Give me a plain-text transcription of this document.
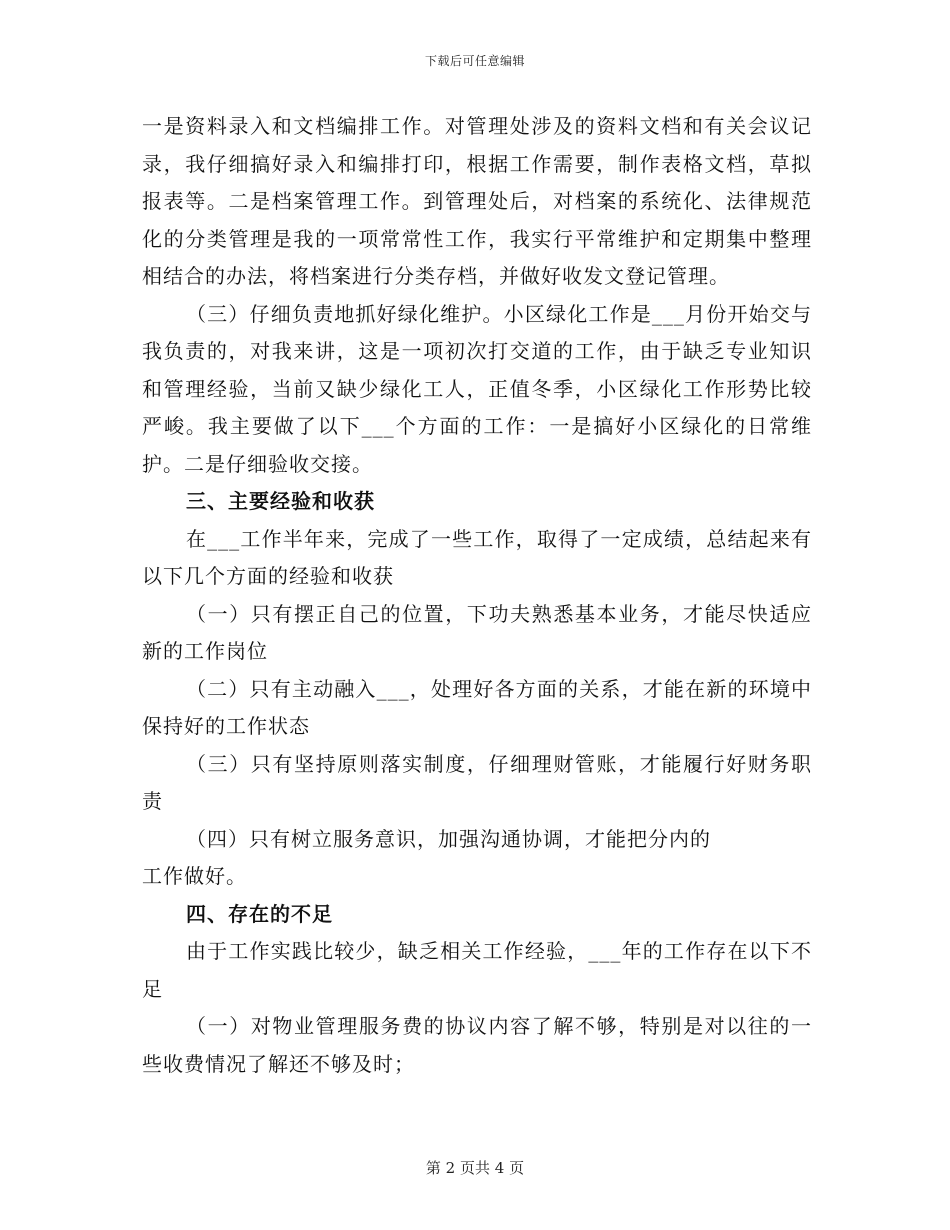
下载后可任意编辑

一是资料录入和文档编排工作。对管理处涉及的资料文档和有关会议记录，我仔细搞好录入和编排打印，根据工作需要，制作表格文档，草拟报表等。二是档案管理工作。到管理处后，对档案的系统化、法律规范化的分类管理是我的一项常常性工作，我实行平常维护和定期集中整理相结合的办法，将档案进行分类存档，并做好收发文登记管理。

（三）仔细负责地抓好绿化维护。小区绿化工作是___月份开始交与我负责的，对我来讲，这是一项初次打交道的工作，由于缺乏专业知识和管理经验，当前又缺少绿化工人，正值冬季，小区绿化工作形势比较严峻。我主要做了以下___个方面的工作：一是搞好小区绿化的日常维护。二是仔细验收交接。

三、主要经验和收获

在___工作半年来，完成了一些工作，取得了一定成绩，总结起来有以下几个方面的经验和收获

（一）只有摆正自己的位置，下功夫熟悉基本业务，才能尽快适应新的工作岗位

（二）只有主动融入___，处理好各方面的关系，才能在新的环境中保持好的工作状态

（三）只有坚持原则落实制度，仔细理财管账，才能履行好财务职责

（四）只有树立服务意识，加强沟通协调，才能把分内的

工作做好。

四、存在的不足

由于工作实践比较少，缺乏相关工作经验，___年的工作存在以下不足

（一）对物业管理服务费的协议内容了解不够，特别是对以往的一些收费情况了解还不够及时；

第 2 页共 4 页
